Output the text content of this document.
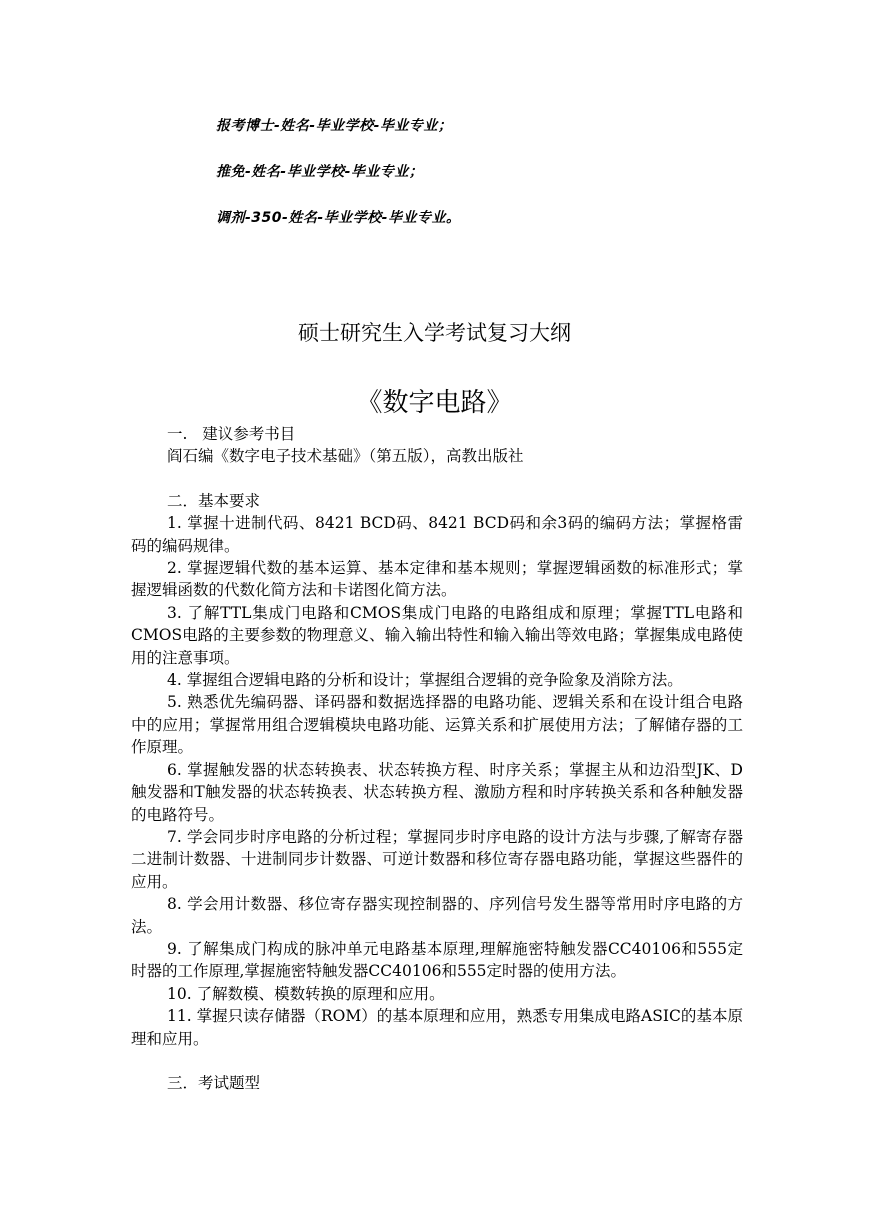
报考博士-姓名-毕业学校-毕业专业；

推免-姓名-毕业学校-毕业专业；

调剂-350-姓名-毕业学校-毕业专业。

硕士研究生入学考试复习大纲
《数字电路》

一.   建议参考书目

阎石编《数字电子技术基础》（第五版），高教出版社

二．基本要求

1. 掌握十进制代码、8421 BCD码、8421 BCD码和余3码的编码方法；掌握格雷码的编码规律。

2. 掌握逻辑代数的基本运算、基本定律和基本规则；掌握逻辑函数的标准形式；掌握逻辑函数的代数化简方法和卡诺图化简方法。

3. 了解TTL集成门电路和CMOS集成门电路的电路组成和原理；掌握TTL电路和CMOS电路的主要参数的物理意义、输入输出特性和输入输出等效电路；掌握集成电路使用的注意事项。

4. 掌握组合逻辑电路的分析和设计；掌握组合逻辑的竞争险象及消除方法。

5. 熟悉优先编码器、译码器和数据选择器的电路功能、逻辑关系和在设计组合电路中的应用；掌握常用组合逻辑模块电路功能、运算关系和扩展使用方法；了解储存器的工作原理。

6. 掌握触发器的状态转换表、状态转换方程、时序关系；掌握主从和边沿型JK、D触发器和T触发器的状态转换表、状态转换方程、激励方程和时序转换关系和各种触发器的电路符号。

7. 学会同步时序电路的分析过程；掌握同步时序电路的设计方法与步骤,了解寄存器二进制计数器、十进制同步计数器、可逆计数器和移位寄存器电路功能，掌握这些器件的应用。

8. 学会用计数器、移位寄存器实现控制器的、序列信号发生器等常用时序电路的方法。

9. 了解集成门构成的脉冲单元电路基本原理,理解施密特触发器CC40106和555定时器的工作原理,掌握施密特触发器CC40106和555定时器的使用方法。

10. 了解数模、模数转换的原理和应用。

11. 掌握只读存储器（ROM）的基本原理和应用，熟悉专用集成电路ASIC的基本原理和应用。

三．考试题型
